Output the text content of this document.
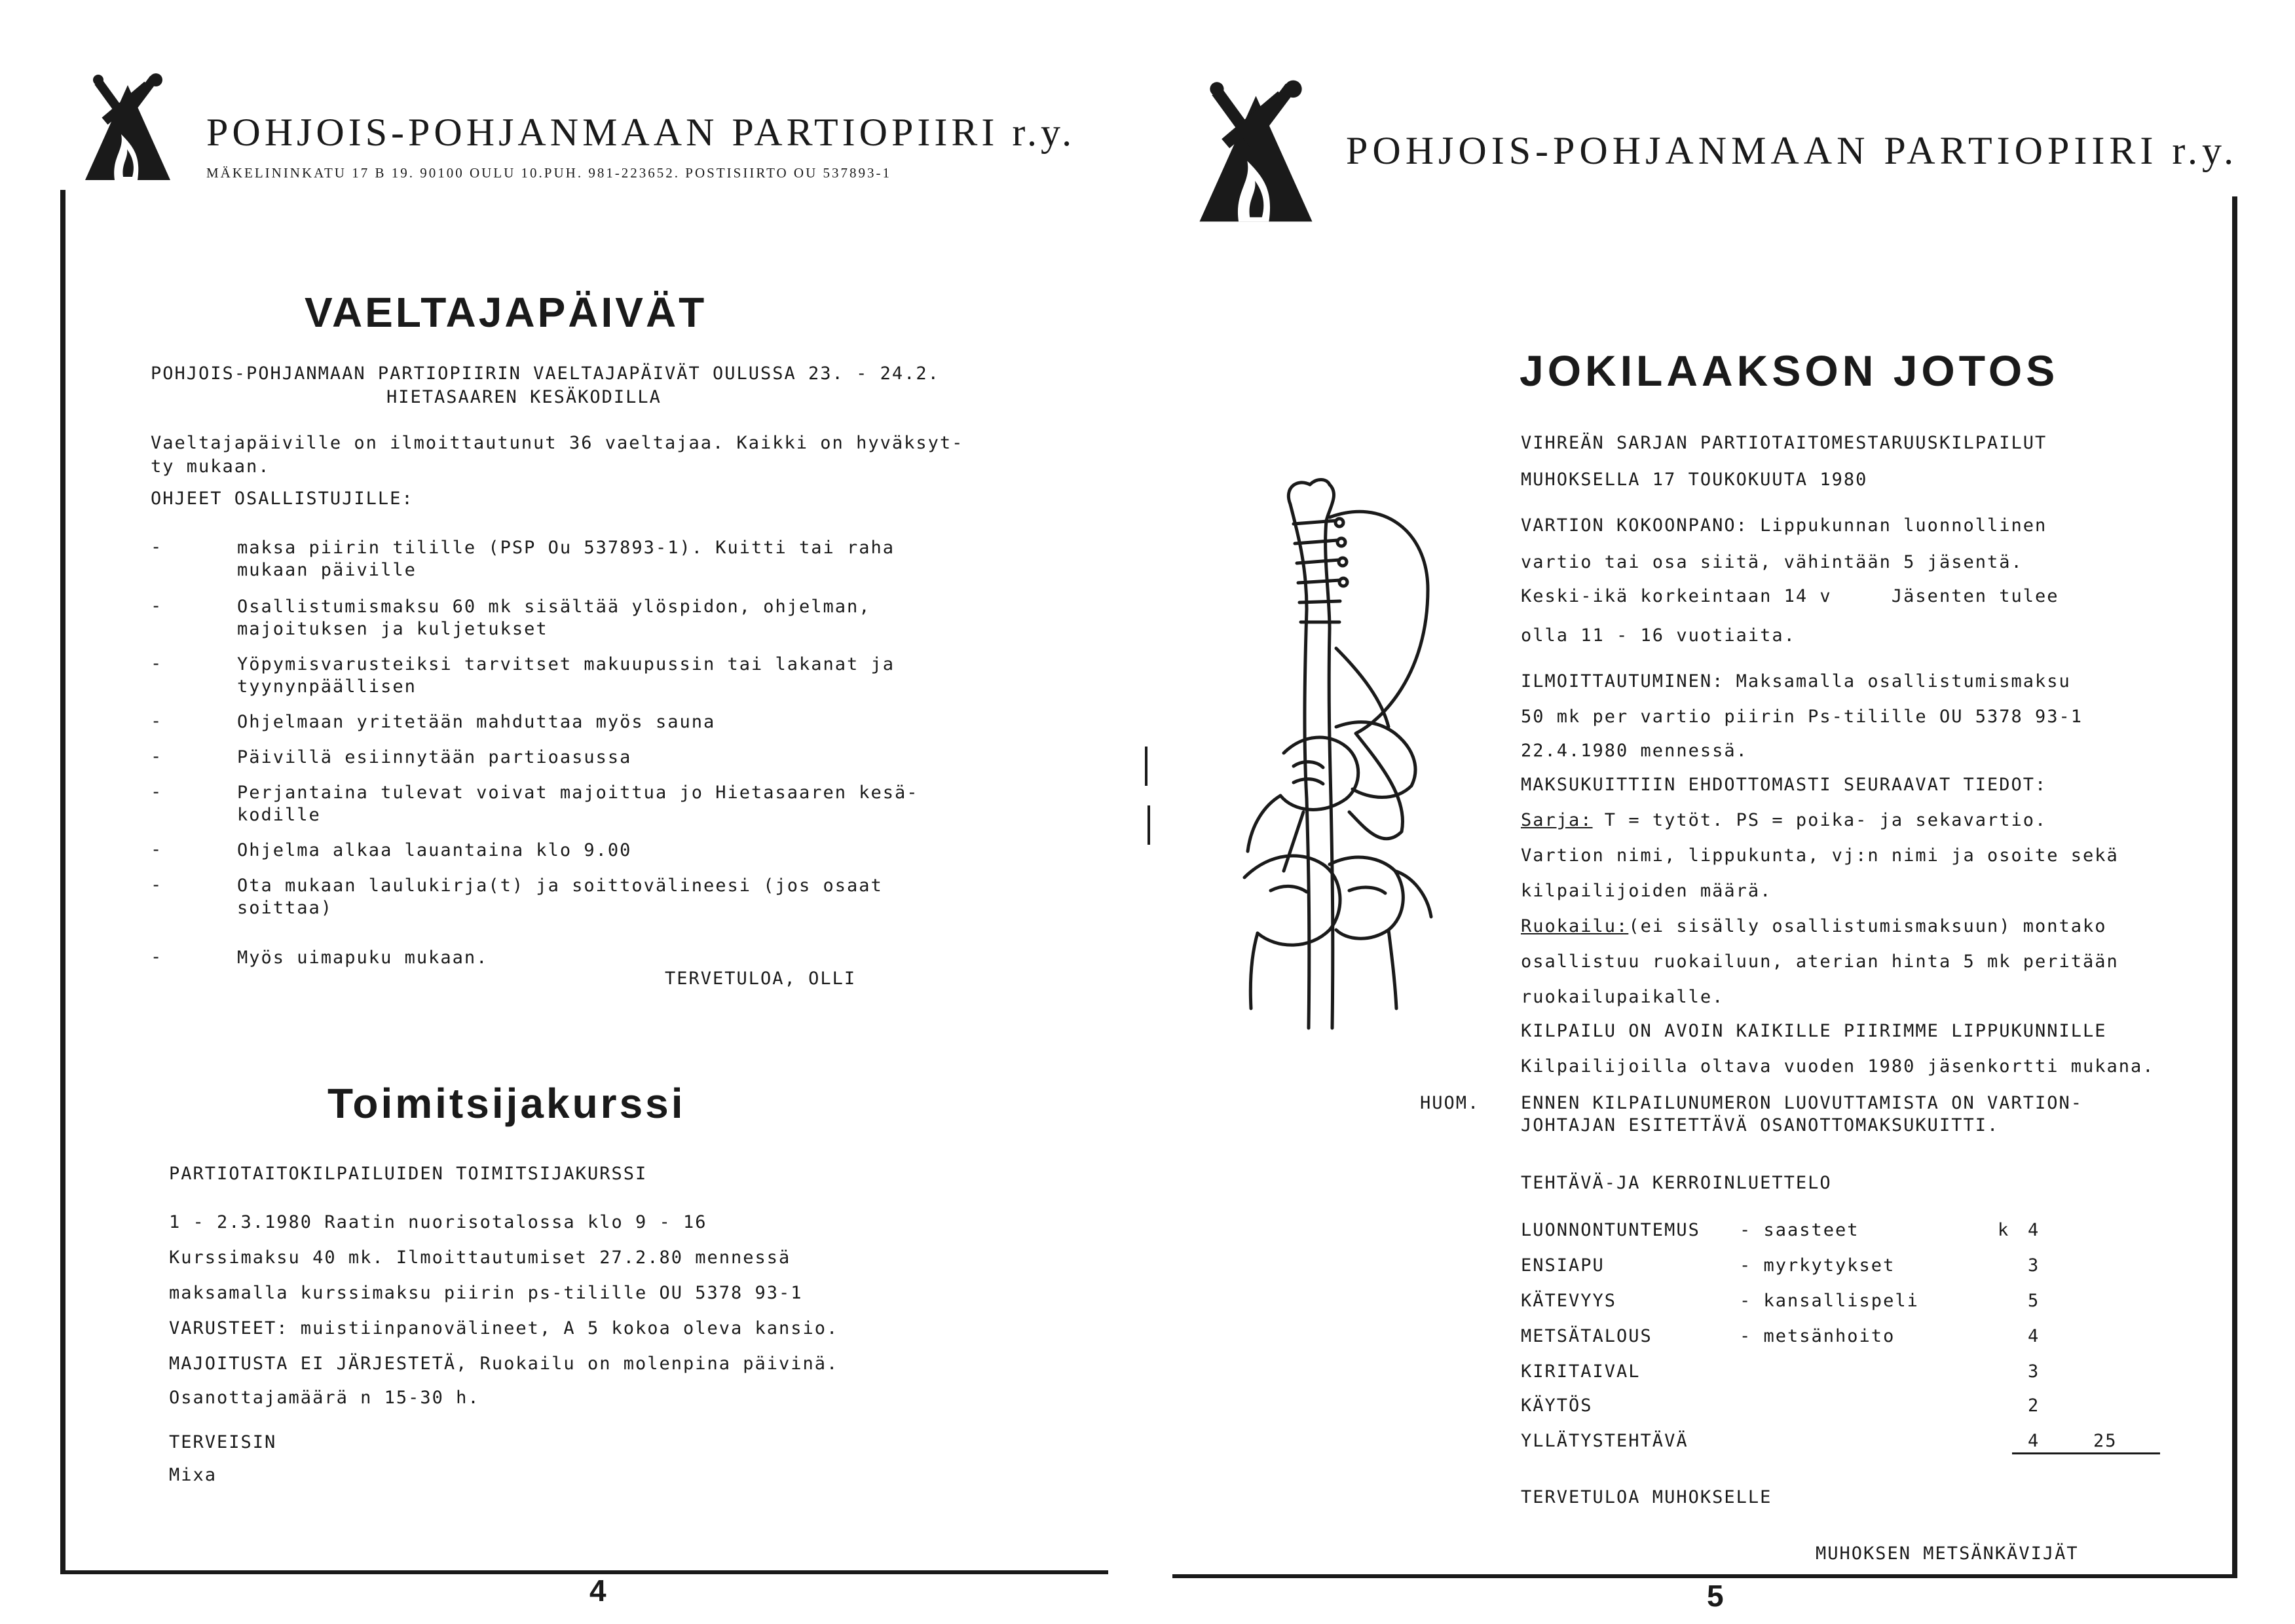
POHJOIS-POHJANMAAN PARTIOPIIRI r.y.
MÄKELININKATU 17 B 19. 90100 OULU 10.PUH. 981-223652. POSTISIIRTO OU 537893-1
VAELTAJAPÄIVÄT
POHJOIS-POHJANMAAN PARTIOPIIRIN VAELTAJAPÄIVÄT OULUSSA 23. - 24.2.
HIETASAAREN KESÄKODILLA
Vaeltajapäiville on ilmoittautunut 36 vaeltajaa. Kaikki on hyväksyt-
ty mukaan.
OHJEET OSALLISTUJILLE:
-	maksa piirin tilille (PSP Ou 537893-1). Kuitti tai raha
mukaan päiville
-	Osallistumismaksu 60 mk sisältää ylöspidon, ohjelman,
majoituksen ja kuljetukset
-	Yöpymisvarusteiksi tarvitset makuupussin tai lakanat ja
tyynynpäällisen
-	Ohjelmaan yritetään mahduttaa myös sauna
-	Päivillä esiinnytään partioasussa
-	Perjantaina tulevat voivat majoittua jo Hietasaaren kesä-
kodille
-	Ohjelma alkaa lauantaina klo 9.00
-	Ota mukaan laulukirja(t) ja soittovälineesi (jos osaat
soittaa)
-	Myös uimapuku mukaan.
TERVETULOA, OLLI
Toimitsijakurssi
PARTIOTAITOKILPAILUIDEN TOIMITSIJAKURSSI
1 - 2.3.1980 Raatin nuorisotalossa klo 9 - 16
Kurssimaksu 40 mk. Ilmoittautumiset 27.2.80 mennessä
maksamalla kurssimaksu piirin ps-tilille OU 5378 93-1
VARUSTEET: muistiinpanovälineet, A 5 kokoa oleva kansio.
MAJOITUSTA EI JÄRJESTETÄ, Ruokailu on molenpina päivinä.
Osanottajamäärä n 15-30 h.
TERVEISIN
Mixa
4
POHJOIS-POHJANMAAN PARTIOPIIRI r.y.
JOKILAAKSON JOTOS
VIHREÄN SARJAN PARTIOTAITOMESTARUUSKILPAILUT
MUHOKSELLA 17 TOUKOKUUTA 1980
VARTION KOKOONPANO: Lippukunnan luonnollinen
vartio tai osa siitä, vähintään 5 jäsentä.
Keski-ikä korkeintaan 14 v     Jäsenten tulee
olla 11 - 16 vuotiaita.
ILMOITTAUTUMINEN: Maksamalla osallistumismaksu
50 mk per vartio piirin Ps-tilille OU 5378 93-1
22.4.1980 mennessä.
MAKSUKUITTIIN EHDOTTOMASTI SEURAAVAT TIEDOT:
Sarja: T = tytöt. PS = poika- ja sekavartio.
Vartion nimi, lippukunta, vj:n nimi ja osoite sekä
kilpailijoiden määrä.
Ruokailu:(ei sisälly osallistumismaksuun) montako
osallistuu ruokailuun, aterian hinta 5 mk peritään
ruokailupaikalle.
KILPAILU ON AVOIN KAIKILLE PIIRIMME LIPPUKUNNILLE
Kilpailijoilla oltava vuoden 1980 jäsenkortti mukana.
HUOM. ENNEN KILPAILUNUMERON LUOVUTTAMISTA ON VARTION-
JOHTAJAN ESITETTÄVÄ OSANOTTOMAKSUKUITTI.
TEHTÄVÄ-JA KERROINLUETTELO
LUONNONTUNTEMUS - saasteet	k 4
ENSIAPU	- myrkytykset	3
KÄTEVYYS	- kansallispeli	5
METSÄTALOUS	- metsänhoito	4
KIRITAIVAL	3
KÄYTÖS	2
YLLÄTYSTEHTÄVÄ	4	25
TERVETULOA MUHOKSELLE
MUHOKSEN METSÄNKÄVIJÄT
5
